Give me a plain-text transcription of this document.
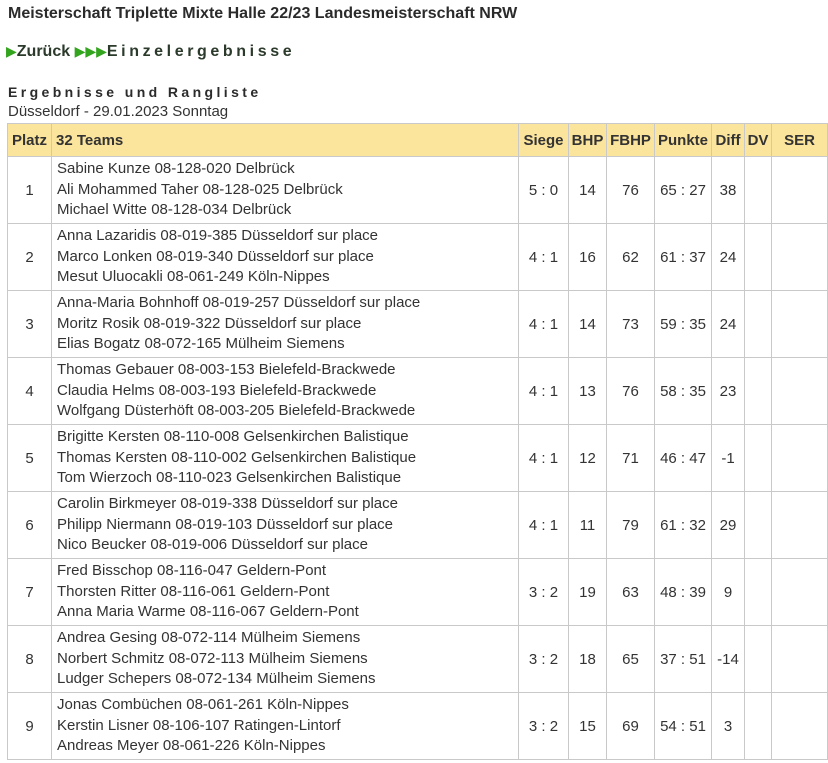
Meisterschaft Triplette Mixte Halle 22/23 Landesmeisterschaft NRW
▶Zurück ▶▶▶Einzelergebnisse
Ergebnisse und Rangliste
Düsseldorf - 29.01.2023 Sonntag
Platz	32 Teams	Siege	BHP	FBHP	Punkte	Diff	DV	SER
1	Sabine Kunze 08-128-020 Delbrück
Ali Mohammed Taher 08-128-025 Delbrück
Michael Witte 08-128-034 Delbrück	5 : 0	14	76	65 : 27	38		
2	Anna Lazaridis 08-019-385 Düsseldorf sur place
Marco Lonken 08-019-340 Düsseldorf sur place
Mesut Uluocakli 08-061-249 Köln-Nippes	4 : 1	16	62	61 : 37	24		
3	Anna-Maria Bohnhoff 08-019-257 Düsseldorf sur place
Moritz Rosik 08-019-322 Düsseldorf sur place
Elias Bogatz 08-072-165 Mülheim Siemens	4 : 1	14	73	59 : 35	24		
4	Thomas Gebauer 08-003-153 Bielefeld-Brackwede
Claudia Helms 08-003-193 Bielefeld-Brackwede
Wolfgang Düsterhöft 08-003-205 Bielefeld-Brackwede	4 : 1	13	76	58 : 35	23		
5	Brigitte Kersten 08-110-008 Gelsenkirchen Balistique
Thomas Kersten 08-110-002 Gelsenkirchen Balistique
Tom Wierzoch 08-110-023 Gelsenkirchen Balistique	4 : 1	12	71	46 : 47	-1		
6	Carolin Birkmeyer 08-019-338 Düsseldorf sur place
Philipp Niermann 08-019-103 Düsseldorf sur place
Nico Beucker 08-019-006 Düsseldorf sur place	4 : 1	11	79	61 : 32	29		
7	Fred Bisschop 08-116-047 Geldern-Pont
Thorsten Ritter 08-116-061 Geldern-Pont
Anna Maria Warme 08-116-067 Geldern-Pont	3 : 2	19	63	48 : 39	9		
8	Andrea Gesing 08-072-114 Mülheim Siemens
Norbert Schmitz 08-072-113 Mülheim Siemens
Ludger Schepers 08-072-134 Mülheim Siemens	3 : 2	18	65	37 : 51	-14		
9	Jonas Combüchen 08-061-261 Köln-Nippes
Kerstin Lisner 08-106-107 Ratingen-Lintorf
Andreas Meyer 08-061-226 Köln-Nippes	3 : 2	15	69	54 : 51	3		
